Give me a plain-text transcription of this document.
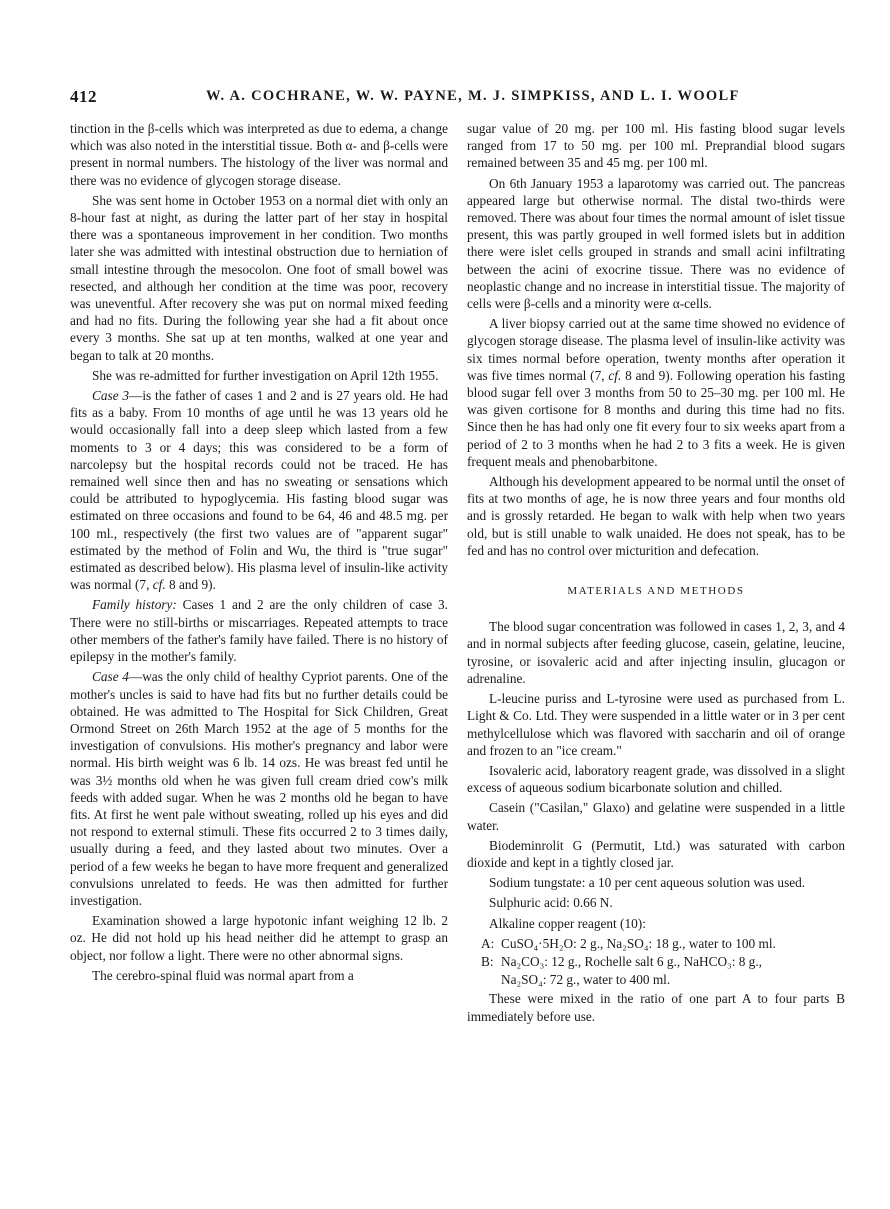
412	W. A. COCHRANE, W. W. PAYNE, M. J. SIMPKISS, AND L. I. WOOLF

tinction in the β-cells which was interpreted as due to edema, a change which was also noted in the interstitial tissue. Both α- and β-cells were present in normal numbers. The histology of the liver was normal and there was no evidence of glycogen storage disease.

She was sent home in October 1953 on a normal diet with only an 8-hour fast at night, as during the latter part of her stay in hospital there was a spontaneous improvement in her condition. Two months later she was admitted with intestinal obstruction due to herniation of small intestine through the mesocolon. One foot of small bowel was resected, and although her condition at the time was poor, recovery was uneventful. After recovery she was put on normal mixed feeding and had no fits. During the following year she had a fit about once every 3 months. She sat up at ten months, walked at one year and began to talk at 20 months.

She was re-admitted for further investigation on April 12th 1955.

Case 3—is the father of cases 1 and 2 and is 27 years old. He had fits as a baby. From 10 months of age until he was 13 years old he would occasionally fall into a deep sleep which lasted from a few moments to 3 or 4 days; this was considered to be a form of narcolepsy but the hospital records could not be traced. He has remained well since then and has no sweating or sensations which could be attributed to hypoglycemia. His fasting blood sugar was estimated on three occasions and found to be 64, 46 and 48.5 mg. per 100 ml., respectively (the first two values are of "apparent sugar" estimated by the method of Folin and Wu, the third is "true sugar" estimated as described below). His plasma level of insulin-like activity was normal (7, cf. 8 and 9).

Family history: Cases 1 and 2 are the only children of case 3. There were no still-births or miscarriages. Repeated attempts to trace other members of the father's family have failed. There is no history of epilepsy in the mother's family.

Case 4—was the only child of healthy Cypriot parents. One of the mother's uncles is said to have had fits but no further details could be obtained. He was admitted to The Hospital for Sick Children, Great Ormond Street on 26th March 1952 at the age of 5 months for the investigation of convulsions. His mother's pregnancy and labor were normal. His birth weight was 6 lb. 14 ozs. He was breast fed until he was 3½ months old when he was given full cream dried cow's milk feeds with added sugar. When he was 2 months old he began to have fits. At first he went pale without sweating, rolled up his eyes and did not respond to external stimuli. These fits occurred 2 to 3 times daily, usually during a feed, and they lasted about two minutes. Over a period of a few weeks he began to have more frequent and generalized convulsions unrelated to feeds. He was then admitted for further investigation.

Examination showed a large hypotonic infant weighing 12 lb. 2 oz. He did not hold up his head neither did he attempt to grasp an object, nor follow a light. There were no other abnormal signs.

The cerebro-spinal fluid was normal apart from a

sugar value of 20 mg. per 100 ml. His fasting blood sugar levels ranged from 17 to 50 mg. per 100 ml. Preprandial blood sugars remained between 35 and 45 mg. per 100 ml.

On 6th January 1953 a laparotomy was carried out. The pancreas appeared large but otherwise normal. The distal two-thirds were removed. There was about four times the normal amount of islet tissue present, this was partly grouped in well formed islets but in addition there were islet cells grouped in strands and small acini infiltrating between the acini of exocrine tissue. There was no evidence of neoplastic change and no increase in interstitial tissue. The majority of cells were β-cells and a minority were α-cells.

A liver biopsy carried out at the same time showed no evidence of glycogen storage disease. The plasma level of insulin-like activity was six times normal before operation, twenty months after operation it was five times normal (7, cf. 8 and 9). Following operation his fasting blood sugar fell over 3 months from 50 to 25–30 mg. per 100 ml. He was given cortisone for 8 months and during this time had no fits. Since then he has had only one fit every four to six weeks apart from a period of 2 to 3 months when he had 2 to 3 fits a week. He is given frequent meals and phenobarbitone.

Although his development appeared to be normal until the onset of fits at two months of age, he is now three years and four months old and is grossly retarded. He began to walk with help when two years old, but is still unable to walk unaided. He does not speak, has to be fed and has no control over micturition and defecation.

MATERIALS AND METHODS

The blood sugar concentration was followed in cases 1, 2, 3, and 4 and in normal subjects after feeding glucose, casein, gelatine, leucine, tyrosine, or isovaleric acid and after injecting insulin, glucagon or adrenaline.

L-leucine puriss and L-tyrosine were used as purchased from L. Light & Co. Ltd. They were suspended in a little water or in 3 per cent methylcellulose which was flavored with saccharin and oil of orange and frozen to an "ice cream."

Isovaleric acid, laboratory reagent grade, was dissolved in a slight excess of aqueous sodium bicarbonate solution and chilled.

Casein ("Casilan," Glaxo) and gelatine were suspended in a little water.

Biodeminrolit G (Permutit, Ltd.) was saturated with carbon dioxide and kept in a tightly closed jar.

Sodium tungstate: a 10 per cent aqueous solution was used.

Sulphuric acid: 0.66 N.

Alkaline copper reagent (10):

A: CuSO₄·5H₂O: 2 g., Na₂SO₄: 18 g., water to 100 ml.
B: Na₂CO₃: 12 g., Rochelle salt 6 g., NaHCO₃: 8 g.,
Na₂SO₄: 72 g., water to 400 ml.

These were mixed in the ratio of one part A to four parts B immediately before use.
